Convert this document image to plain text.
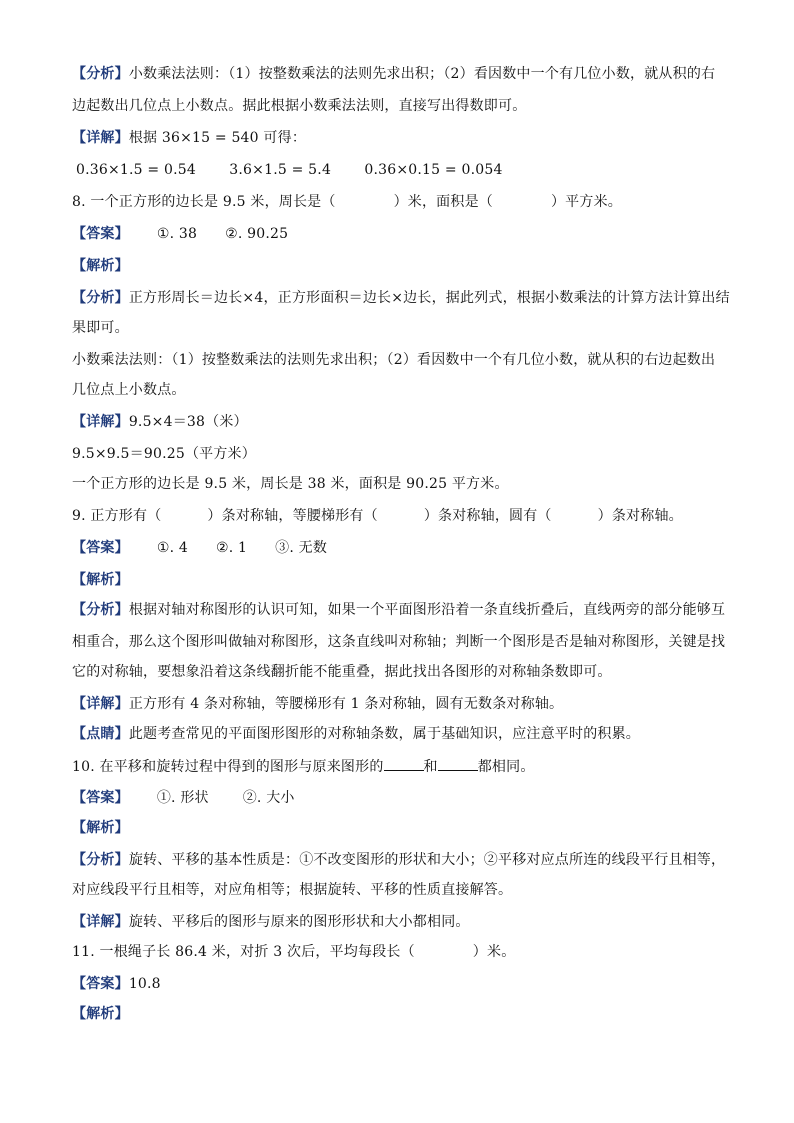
【分析】小数乘法法则：（1）按整数乘法的法则先求出积；（2）看因数中一个有几位小数，就从积的右
边起数出几位点上小数点。据此根据小数乘法法则，直接写出得数即可。
【详解】根据 36×15 = 540 可得：
0.36×1.5 = 0.54 3.6×1.5 = 5.4 0.36×0.15 = 0.054
8. 一个正方形的边长是 9.5 米，周长是（	）米，面积是（	）平方米。
【答案】 ①. 38 ②. 90.25
【解析】
【分析】正方形周长＝边长×4，正方形面积＝边长×边长，据此列式，根据小数乘法的计算方法计算出结
果即可。
小数乘法法则：（1）按整数乘法的法则先求出积；（2）看因数中一个有几位小数，就从积的右边起数出
几位点上小数点。
【详解】9.5×4＝38（米）
9.5×9.5＝90.25（平方米）
一个正方形的边长是 9.5 米，周长是 38 米，面积是 90.25 平方米。
9. 正方形有（	）条对称轴，等腰梯形有（	）条对称轴，圆有（	）条对称轴。
【答案】 ①. 4 ②. 1 ③. 无数
【解析】
【分析】根据对轴对称图形的认识可知，如果一个平面图形沿着一条直线折叠后，直线两旁的部分能够互
相重合，那么这个图形叫做轴对称图形，这条直线叫对称轴；判断一个图形是否是轴对称图形，关键是找
它的对称轴，要想象沿着这条线翻折能不能重叠，据此找出各图形的对称轴条数即可。
【详解】正方形有 4 条对称轴，等腰梯形有 1 条对称轴，圆有无数条对称轴。
【点睛】此题考查常见的平面图形图形的对称轴条数，属于基础知识，应注意平时的积累。
10. 在平移和旋转过程中得到的图形与原来图形的	和	都相同。
【答案】 ①. 形状 ②. 大小
【解析】
【分析】旋转、平移的基本性质是：①不改变图形的形状和大小；②平移对应点所连的线段平行且相等，
对应线段平行且相等，对应角相等；根据旋转、平移的性质直接解答。
【详解】旋转、平移后的图形与原来的图形形状和大小都相同。
11. 一根绳子长 86.4 米，对折 3 次后，平均每段长（	）米。
【答案】10.8
【解析】
